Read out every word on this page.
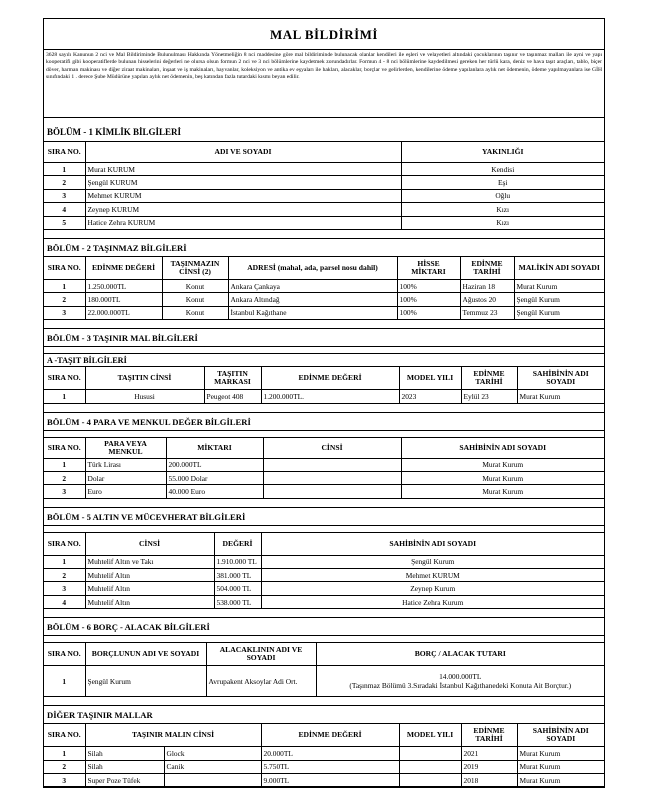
MAL BİLDİRİMİ
3628 sayılı Kanunun 2 nci ve Mal Bildiriminde Bulunulması Hakkında Yönetmeliğin 8 nci maddesine göre mal bildiriminde bulunacak olanlar kendileri ile eşleri ve velayetleri altındaki çocuklarının taşınır ve taşınmaz malları ile ayni ve yapı kooperatifi gibi kooperatiflerde bulunan hisselerini değerleri ne olursa olsun formun 2 nci ve 3 nci bölümlerine kaydetmek zorundadırlar. Formun 4 - 8 nci bölümlerine kaydedilmesi gereken her türlü kara, deniz ve hava taşıt araçları, tablo, biçer döver, harman makinası ve diğer ziraat makinaları, inşaat ve iş makinaları, hayvanlar, koleksiyon ve antika ev eşyaları ile hakları, alacaklar, borçlar ve gelirlerden, kendilerine ödeme yapılanlara aylık net ödemenin, ödeme yapılmayanlara ise GİH sınıfındaki 1 . derece Şube Müdürüne yapılan aylık net ödemenin, beş katından fazla tutardaki kısmı beyan edilir.
BÖLÜM - 1 KİMLİK BİLGİLERİ
SIRA NO.	ADI VE SOYADI	YAKINLIĞI
1	Murat KURUM	Kendisi
2	Şengül KURUM	Eşi
3	Mehmet KURUM	Oğlu
4	Zeynep KURUM	Kızı
5	Hatice Zehra KURUM	Kızı
BÖLÜM - 2 TAŞINMAZ BİLGİLERİ
SIRA NO.	EDİNME DEĞERİ	TAŞINMAZIN CİNSİ (2)	ADRESİ (mahal, ada, parsel nosu dahil)	HİSSE MİKTARI	EDİNME TARİHİ	MALİKİN ADI SOYADI
1	1.250.000TL	Konut	Ankara Çankaya	100%	Haziran 18	Murat Kurum
2	180.000TL	Konut	Ankara Altındağ	100%	Ağustos 20	Şengül Kurum
3	22.000.000TL	Konut	İstanbul Kağıthane	100%	Temmuz 23	Şengül Kurum
BÖLÜM - 3 TAŞINIR MAL BİLGİLERİ
A -TAŞIT BİLGİLERİ
SIRA NO.	TAŞITIN CİNSİ	TAŞITIN MARKASI	EDİNME DEĞERİ	MODEL YILI	EDİNME TARİHİ	SAHİBİNİN ADI SOYADI
1	Hususi	Peugeot 408	1.200.000TL.	2023	Eylül 23	Murat Kurum
BÖLÜM - 4 PARA VE MENKUL DEĞER BİLGİLERİ
SIRA NO.	PARA VEYA MENKUL	MİKTARI	CİNSİ	SAHİBİNİN ADI SOYADI
1	Türk Lirası	200.000TL		Murat Kurum
2	Dolar	55.000 Dolar		Murat Kurum
3	Euro	40.000 Euro		Murat Kurum
BÖLÜM - 5 ALTIN VE MÜCEVHERAT BİLGİLERİ
SIRA NO.	CİNSİ	DEĞERİ	SAHİBİNİN ADI SOYADI
1	Muhtelif Altın ve Takı	1.910.000 TL	Şengül Kurum
2	Muhtelif Altın	381.000 TL	Mehmet KURUM
3	Muhtelif Altın	504.000 TL	Zeynep Kurum
4	Muhtelif Altın	538.000 TL	Hatice Zehra Kurum
BÖLÜM - 6 BORÇ - ALACAK BİLGİLERİ
SIRA NO.	BORÇLUNUN ADI VE SOYADI	ALACAKLININ ADI VE SOYADI	BORÇ / ALACAK TUTARI
1	Şengül Kurum	Avrupakent Aksoylar Adi Ort.	14.000.000TL
(Taşınmaz Bölümü 3.Sıradaki İstanbul Kağıthanedeki Konuta Ait Borçtur.)
DİĞER TAŞINIR MALLAR
SIRA NO.	TAŞINIR MALIN CİNSİ		EDİNME DEĞERİ	MODEL YILI	EDİNME TARİHİ	SAHİBİNİN ADI SOYADI
1	Silah	Glock	20.000TL		2021	Murat Kurum
2	Silah	Canik	5.750TL		2019	Murat Kurum
3	Super Poze Tüfek		9.000TL		2018	Murat Kurum
